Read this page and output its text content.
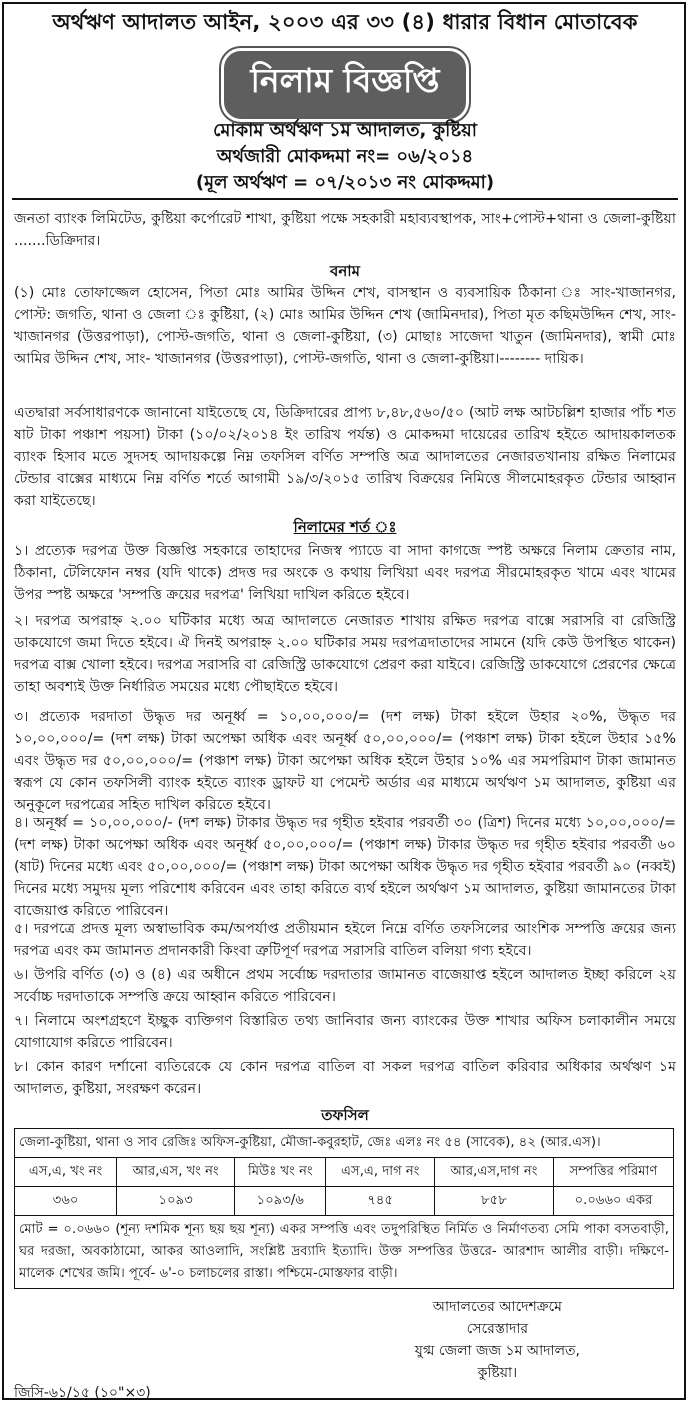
অর্থঋণ আদালত আইন, ২০০৩ এর ৩৩ (৪) ধারার বিধান মোতাবেক
নিলাম বিজ্ঞপ্তি
মোকাম অর্থঋণ ১ম আদালত, কুষ্টিয়া
অর্থজারী মোকদ্দমা নং= ০৬/২০১৪
(মূল অর্থঋণ = ০৭/২০১৩ নং মোকদ্দমা)
জনতা ব্যাংক লিমিটেড, কুষ্টিয়া কর্পোরেট শাখা, কুষ্টিয়া পক্ষে সহকারী মহাব্যবস্থাপক, সাং+পোস্ট+থানা ও জেলা-কুষ্টিয়া .......ডিক্রিদার।
বনাম
(১) মোঃ তোফাজ্জেল হোসেন, পিতা মোঃ আমির উদ্দিন শেখ, বাসস্থান ও ব্যবসায়িক ঠিকানা ঃ সাং-খাজানগর, পোস্ট: জগতি, থানা ও জেলা ঃ কুষ্টিয়া, (২) মোঃ আমির উদ্দিন শেখ (জামিনদার), পিতা মৃত কছিমউদ্দিন শেখ, সাং-খাজানগর (উত্তরপাড়া), পোস্ট-জগতি, থানা ও জেলা-কুষ্টিয়া, (৩) মোছাঃ সাজেদা খাতুন (জামিনদার), স্বামী মোঃ আমির উদ্দিন শেখ, সাং- খাজানগর (উত্তরপাড়া), পোস্ট-জগতি, থানা ও জেলা-কুষ্টিয়া।-------- দায়িক।
এতদ্বারা সর্বসাধারণকে জানানো যাইতেছে যে, ডিক্রিদারের প্রাপ্য ৮,৪৮,৫৬০/৫০ (আট লক্ষ আটচল্লিশ হাজার পাঁচ শত ষাট টাকা পঞ্চাশ পয়সা) টাকা (১০/০২/২০১৪ ইং তারিখ পর্যন্ত) ও মোকদ্দমা দায়েরের তারিখ হইতে আদায়কালতক ব্যাংক হিসাব মতে সুদসহ আদায়কল্পে নিম্ন তফসিল বর্ণিত সম্পত্তি অত্র আদালতের নেজারতখানায় রক্ষিত নিলামের টেন্ডার বাক্সের মাধ্যমে নিম্ন বর্ণিত শর্তে আগামী ১৯/৩/২০১৫ তারিখ বিক্রয়ের নিমিত্তে সীলমোহরকৃত টেন্ডার আহ্বান করা যাইতেছে।
নিলামের শর্ত ঃ
১। প্রত্যেক দরপত্র উক্ত বিজ্ঞপ্তি সহকারে তাহাদের নিজস্ব প্যাডে বা সাদা কাগজে স্পষ্ট অক্ষরে নিলাম ক্রেতার নাম, ঠিকানা, টেলিফোন নম্বর (যদি থাকে) প্রদত্ত দর অংকে ও কথায় লিখিয়া এবং দরপত্র সীরমোহরকৃত খামে এবং খামের উপর স্পষ্ট অক্ষরে 'সম্পত্তি ক্রয়ের দরপত্র' লিখিয়া দাখিল করিতে হইবে।
২। দরপত্র অপরাহ্ন ২.০০ ঘটিকার মধ্যে অত্র আদালতে নেজারত শাখায় রক্ষিত দরপত্র বাক্সে সরাসরি বা রেজিস্ট্রি ডাকযোগে জমা দিতে হইবে। ঐ দিনই অপরাহ্ন ২.০০ ঘটিকার সময় দরপত্রদাতাদের সামনে (যদি কেউ উপস্থিত থাকেন) দরপত্র বাক্স খোলা হইবে। দরপত্র সরাসরি বা রেজিস্ট্রি ডাকযোগে প্রেরণ করা যাইবে। রেজিস্ট্রি ডাকযোগে প্রেরণের ক্ষেত্রে তাহা অবশ্যই উক্ত নির্ধারিত সময়ের মধ্যে পৌছাইতে হইবে।
৩। প্রত্যেক দরদাতা উদ্ধৃত দর অনূর্ধ্ব = ১০,০০,০০০/= (দশ লক্ষ) টাকা হইলে উহার ২০%, উদ্ধৃত দর ১০,০০,০০০/= (দশ লক্ষ) টাকা অপেক্ষা অধিক এবং অনূর্ধ্ব ৫০,০০,০০০/= (পঞ্চাশ লক্ষ) টাকা হইলে উহার ১৫% এবং উদ্ধৃত দর ৫০,০০,০০০/= (পঞ্চাশ লক্ষ) টাকা অপেক্ষা অধিক হইলে উহার ১০% এর সমপরিমাণ টাকা জামানত স্বরূপ যে কোন তফসিলী ব্যাংক হইতে ব্যাংক ড্রাফট যা পেমেন্ট অর্ডার এর মাধ্যমে অর্থঋণ ১ম আদালত, কুষ্টিয়া এর অনুকূলে দরপত্রের সহিত দাখিল করিতে হইবে।
৪। অনূর্ধ্ব = ১০,০০,০০০/- (দশ লক্ষ) টাকার উদ্ধৃত দর গৃহীত হইবার পরবর্তী ৩০ (ত্রিশ) দিনের মধ্যে ১০,০০,০০০/= (দশ লক্ষ) টাকা অপেক্ষা অধিক এবং অনূর্ধ্ব ৫০,০০,০০০/= (পঞ্চাশ লক্ষ) টাকার উদ্ধৃত দর গৃহীত হইবার পরবর্তী ৬০ (ষাট) দিনের মধ্যে এবং ৫০,০০,০০০/= (পঞ্চাশ লক্ষ) টাকা অপেক্ষা অধিক উদ্ধৃত দর গৃহীত হইবার পরবর্তী ৯০ (নব্বই) দিনের মধ্যে সমুদয় মূল্য পরিশোধ করিবেন এবং তাহা করিতে ব্যর্থ হইলে অর্থঋণ ১ম আদালত, কুষ্টিয়া জামানতের টাকা বাজেয়াপ্ত করিতে পারিবেন।
৫। দরপত্রে প্রদত্ত মূল্য অস্বাভাবিক কম/অপর্যাপ্ত প্রতীয়মান হইলে নিম্নে বর্ণিত তফসিলের আংশিক সম্পত্তি ক্রয়ের জন্য দরপত্র এবং কম জামানত প্রদানকারী কিংবা ত্রুটিপূর্ণ দরপত্র সরাসরি বাতিল বলিয়া গণ্য হইবে।
৬। উপরি বর্ণিত (৩) ও (৪) এর অধীনে প্রথম সর্বোচ্চ দরদাতার জামানত বাজেয়াপ্ত হইলে আদালত ইচ্ছা করিলে ২য় সর্বোচ্চ দরদাতাকে সম্পত্তি ক্রয়ে আহ্বান করিতে পারিবেন।
৭। নিলামে অংশগ্রহণে ইচ্ছুক ব্যক্তিগণ বিস্তারিত তথ্য জানিবার জন্য ব্যাংকের উক্ত শাখার অফিস চলাকালীন সময়ে যোগাযোগ করিতে পারিবেন।
৮। কোন কারণ দর্শানো ব্যতিরেকে যে কোন দরপত্র বাতিল বা সকল দরপত্র বাতিল করিবার অধিকার অর্থঋণ ১ম আদালত, কুষ্টিয়া, সংরক্ষণ করেন।
তফসিল
জেলা-কুষ্টিয়া, থানা ও সাব রেজিঃ অফিস-কুষ্টিয়া, মৌজা-কবুরহাট, জেঃ এলঃ নং ৫৪ (সাবেক), ৪২ (আর.এস)।					
এস,এ, খং নং	আর,এস, খং নং	মিউঃ খং নং	এস,এ, দাগ নং	আর,এস,দাগ নং	সম্পত্তির পরিমাণ
৩৬০	১০৯৩	১০৯৩/৬	৭৪৫	৮৫৮	০.০৬৬০ একর
মোট = ০.০৬৬০ (শূন্য দশমিক শূন্য ছয় ছয় শূন্য) একর সম্পত্তি এবং তদুপরিস্থিত নির্মিত ও নির্মাণতব্য সেমি পাকা বসতবাড়ী, ঘর দরজা, অবকাঠামো, আকর আওলাদি, সংশ্লিষ্ট দ্রব্যাদি ইত্যাদি। উক্ত সম্পত্তির উত্তরে- আরশাদ আলীর বাড়ী। দক্ষিণে-মালেক শেখের জমি। পূর্বে- ৬'-০ চলাচলের রাস্তা। পশ্চিমে-মোস্তফার বাড়ী।					
আদালতের আদেশক্রমে
সেরেস্তাদার
যুগ্ম জেলা জজ ১ম আদালত,
কুষ্টিয়া।
জিসি-৬১/১৫ (১০"×৩)
